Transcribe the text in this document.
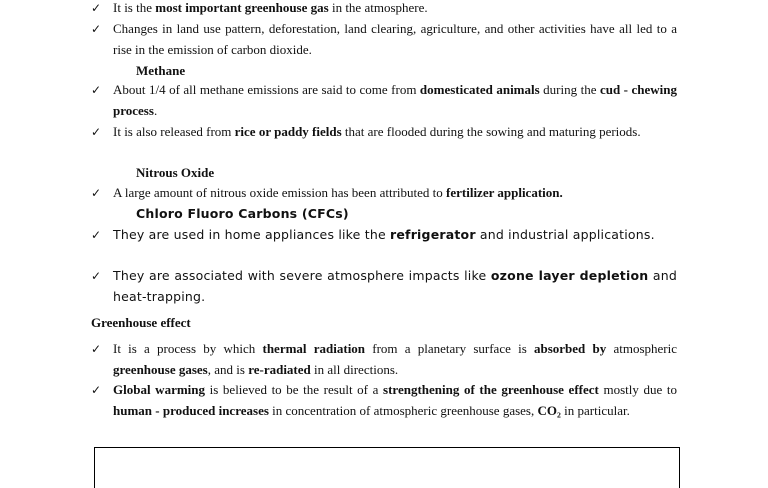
✓ It is the most important greenhouse gas in the atmosphere.
✓ Changes in land use pattern, deforestation, land clearing, agriculture, and other activities have all led to a rise in the emission of carbon dioxide.
Methane
✓ About 1/4 of all methane emissions are said to come from domesticated animals during the cud - chewing process.
✓ It is also released from rice or paddy fields that are flooded during the sowing and maturing periods.
Nitrous Oxide
✓ A large amount of nitrous oxide emission has been attributed to fertilizer application.
Chloro Fluoro Carbons (CFCs)
✓ They are used in home appliances like the refrigerator and industrial applications.
✓ They are associated with severe atmosphere impacts like ozone layer depletion and heat-trapping.
Greenhouse effect
✓ It is a process by which thermal radiation from a planetary surface is absorbed by atmospheric greenhouse gases, and is re-radiated in all directions.
✓ Global warming is believed to be the result of a strengthening of the greenhouse effect mostly due to human - produced increases in concentration of atmospheric greenhouse gases, CO₂ in particular.
